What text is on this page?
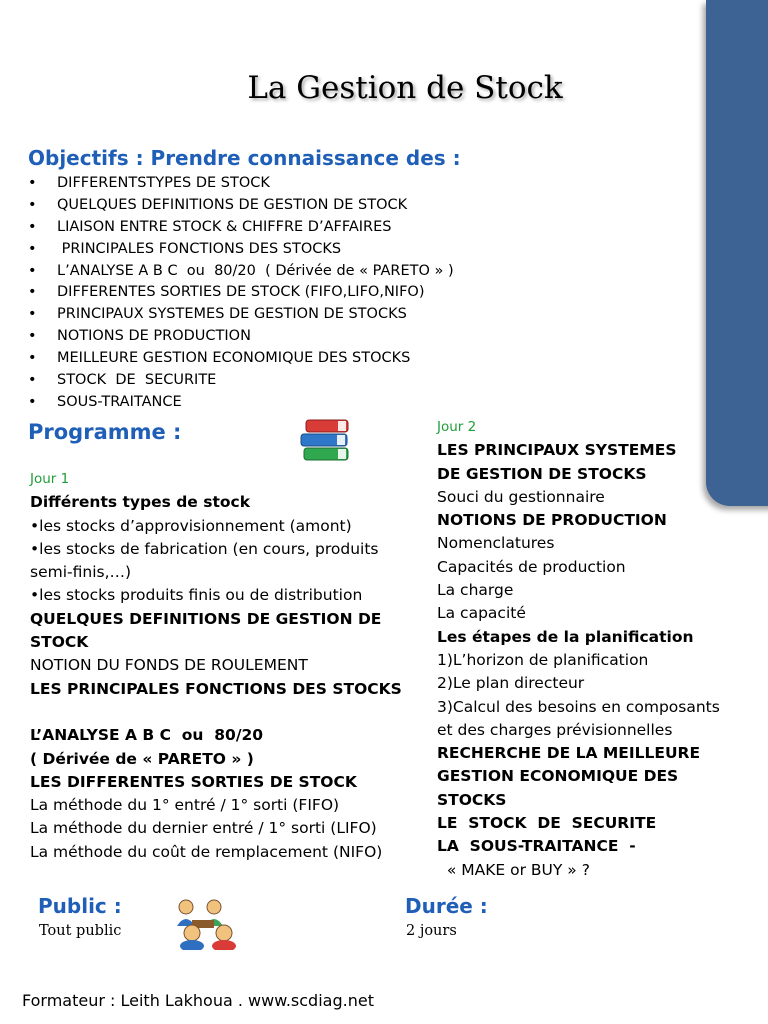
La Gestion de Stock
Objectifs : Prendre connaissance des :
• DIFFERENTSTYPES DE STOCK
• QUELQUES DEFINITIONS DE GESTION DE STOCK
• LIAISON ENTRE STOCK & CHIFFRE D’AFFAIRES
•  PRINCIPALES FONCTIONS DES STOCKS
• L’ANALYSE A B C  ou  80/20  ( Dérivée de « PARETO » )
• DIFFERENTES SORTIES DE STOCK (FIFO,LIFO,NIFO)
• PRINCIPAUX SYSTEMES DE GESTION DE STOCKS
• NOTIONS DE PRODUCTION
• MEILLEURE GESTION ECONOMIQUE DES STOCKS
• STOCK  DE  SECURITE
• SOUS-TRAITANCE
Programme :
Jour 1
Différents types de stock
•les stocks d’approvisionnement (amont)
•les stocks de fabrication (en cours, produits
semi-finis,…)
•les stocks produits finis ou de distribution
QUELQUES DEFINITIONS DE GESTION DE
STOCK
NOTION DU FONDS DE ROULEMENT
LES PRINCIPALES FONCTIONS DES STOCKS
L’ANALYSE A B C  ou  80/20
( Dérivée de « PARETO » )
LES DIFFERENTES SORTIES DE STOCK
La méthode du 1° entré / 1° sorti (FIFO)
La méthode du dernier entré / 1° sorti (LIFO)
La méthode du coût de remplacement (NIFO)
Jour 2
LES PRINCIPAUX SYSTEMES
DE GESTION DE STOCKS
Souci du gestionnaire
NOTIONS DE PRODUCTION
Nomenclatures
Capacités de production
La charge
La capacité
Les étapes de la planification
1)L’horizon de planification
2)Le plan directeur
3)Calcul des besoins en composants
et des charges prévisionnelles
RECHERCHE DE LA MEILLEURE
GESTION ECONOMIQUE DES
STOCKS
LE  STOCK  DE  SECURITE
LA  SOUS-TRAITANCE  -
« MAKE or BUY » ?
Public :
Tout public
Durée :
2 jours
Formateur : Leith Lakhoua . www.scdiag.net
